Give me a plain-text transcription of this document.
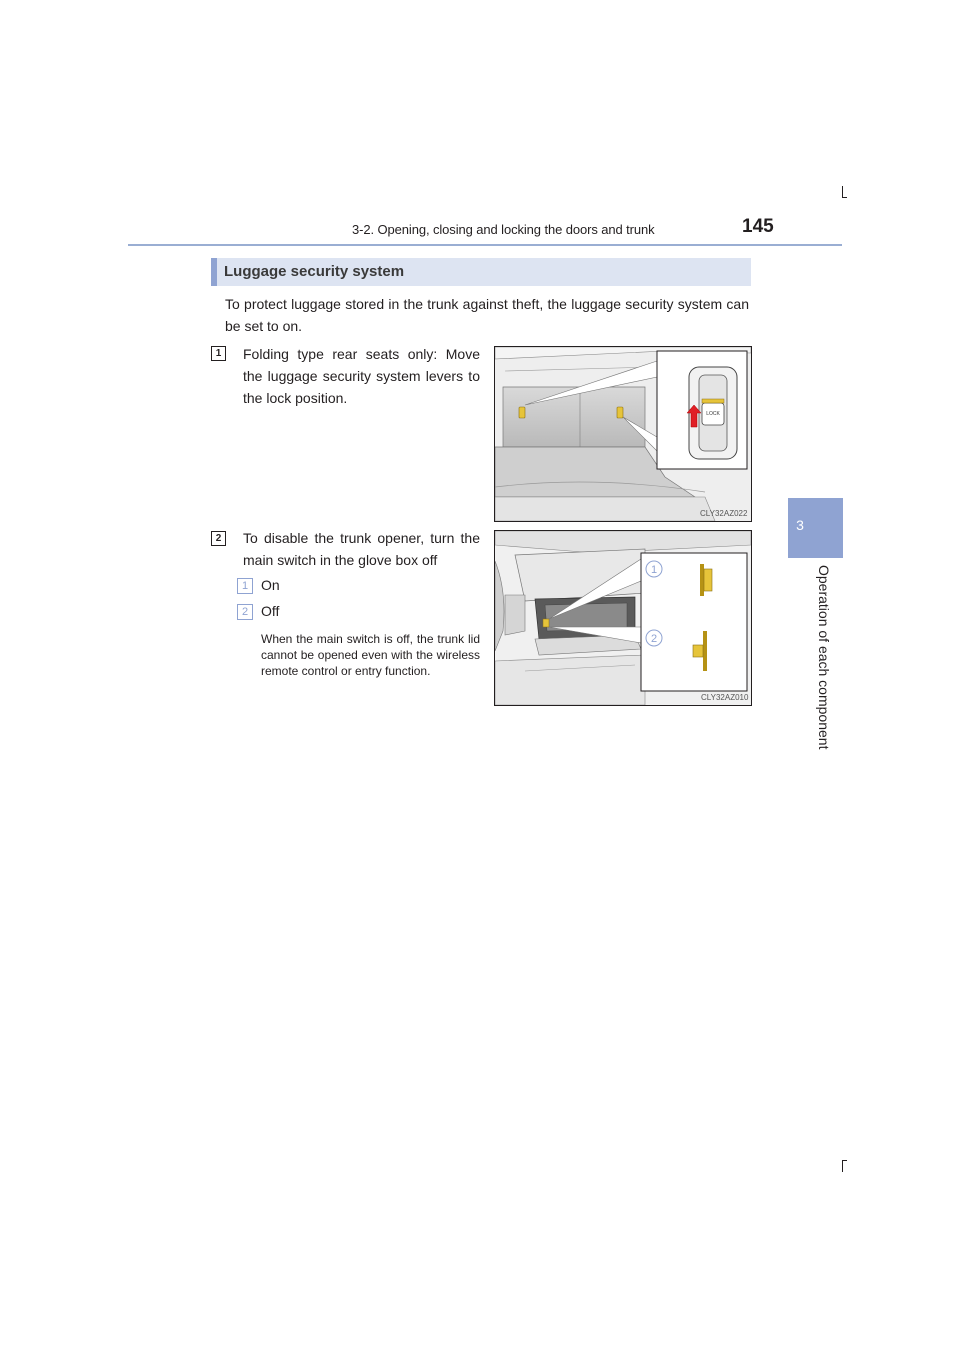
3-2. Opening, closing and locking the doors and trunk	145
3
Operation of each component
Luggage security system
To protect luggage stored in the trunk against theft, the luggage security system can be set to on.
1	Folding type rear seats only: Move the luggage security system levers to the lock position.
LOCK
CLY32AZ022
2	To disable the trunk opener, turn the main switch in the glove box off
1 On
2 Off
When the main switch is off, the trunk lid cannot be opened even with the wireless remote control or entry function.
1
2
CLY32AZ010
